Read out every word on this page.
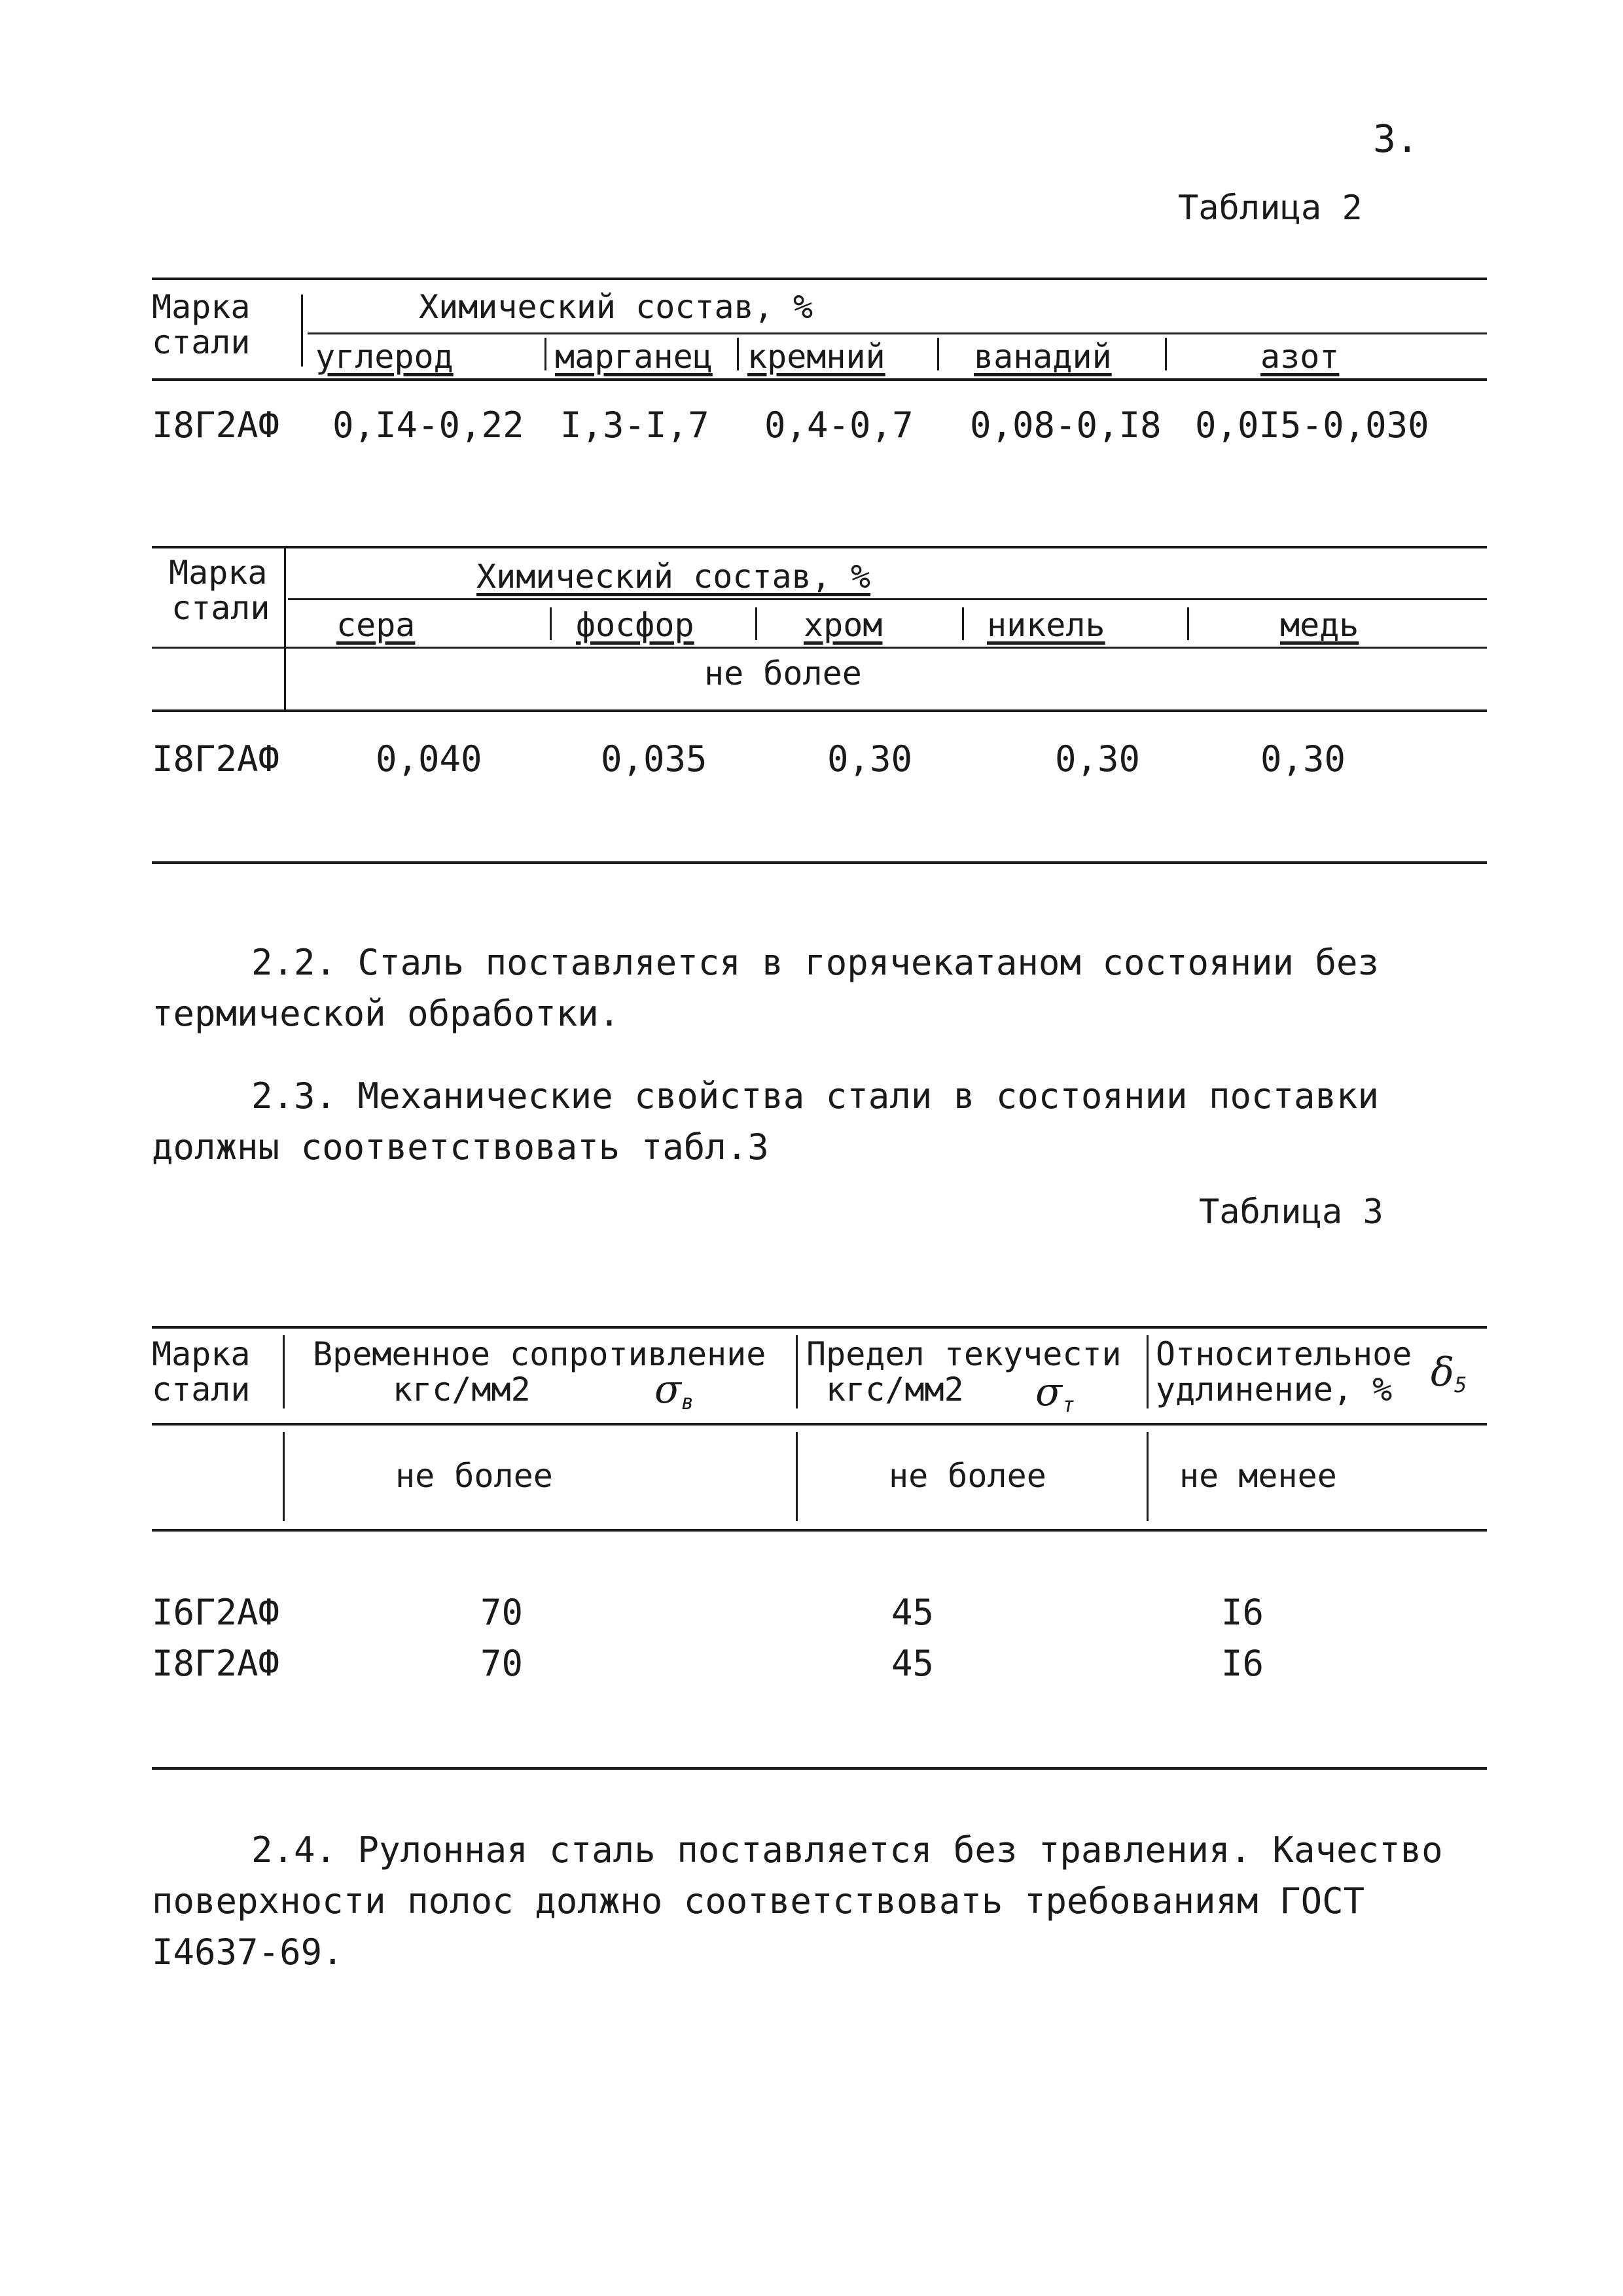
3.
Таблица 2
Марка
стали
Химический состав, %
углерод	марганец кремний	ванадий	азот
I8Г2АФ 0,I4-0,22 I,3-I,7 0,4-0,7 0,08-0,I8 0,0I5-0,030
Марка
стали
Химический состав, %
сера	фосфор	хром	никель	медь
не более
I8Г2АФ	0,040	0,035	0,30	0,30	0,30
2.2. Сталь поставляется в горячекатаном состоянии без
термической обработки.
2.3. Механические свойства стали в состоянии поставки
должны соответствовать табл.3
Таблица 3
Марка
стали
Временное сопротивление
кгс/мм2	$\sigma_в$
Предел текучести
кгс/мм2 $\sigma_т$
Относительное
удлинение, % $\delta_5$
не более	не более	не менее
I6Г2АФ	70	45	I6
I8Г2АФ	70	45	I6
2.4. Рулонная сталь поставляется без травления. Качество
поверхности полос должно соответствовать требованиям ГОСТ
I4637-69.
